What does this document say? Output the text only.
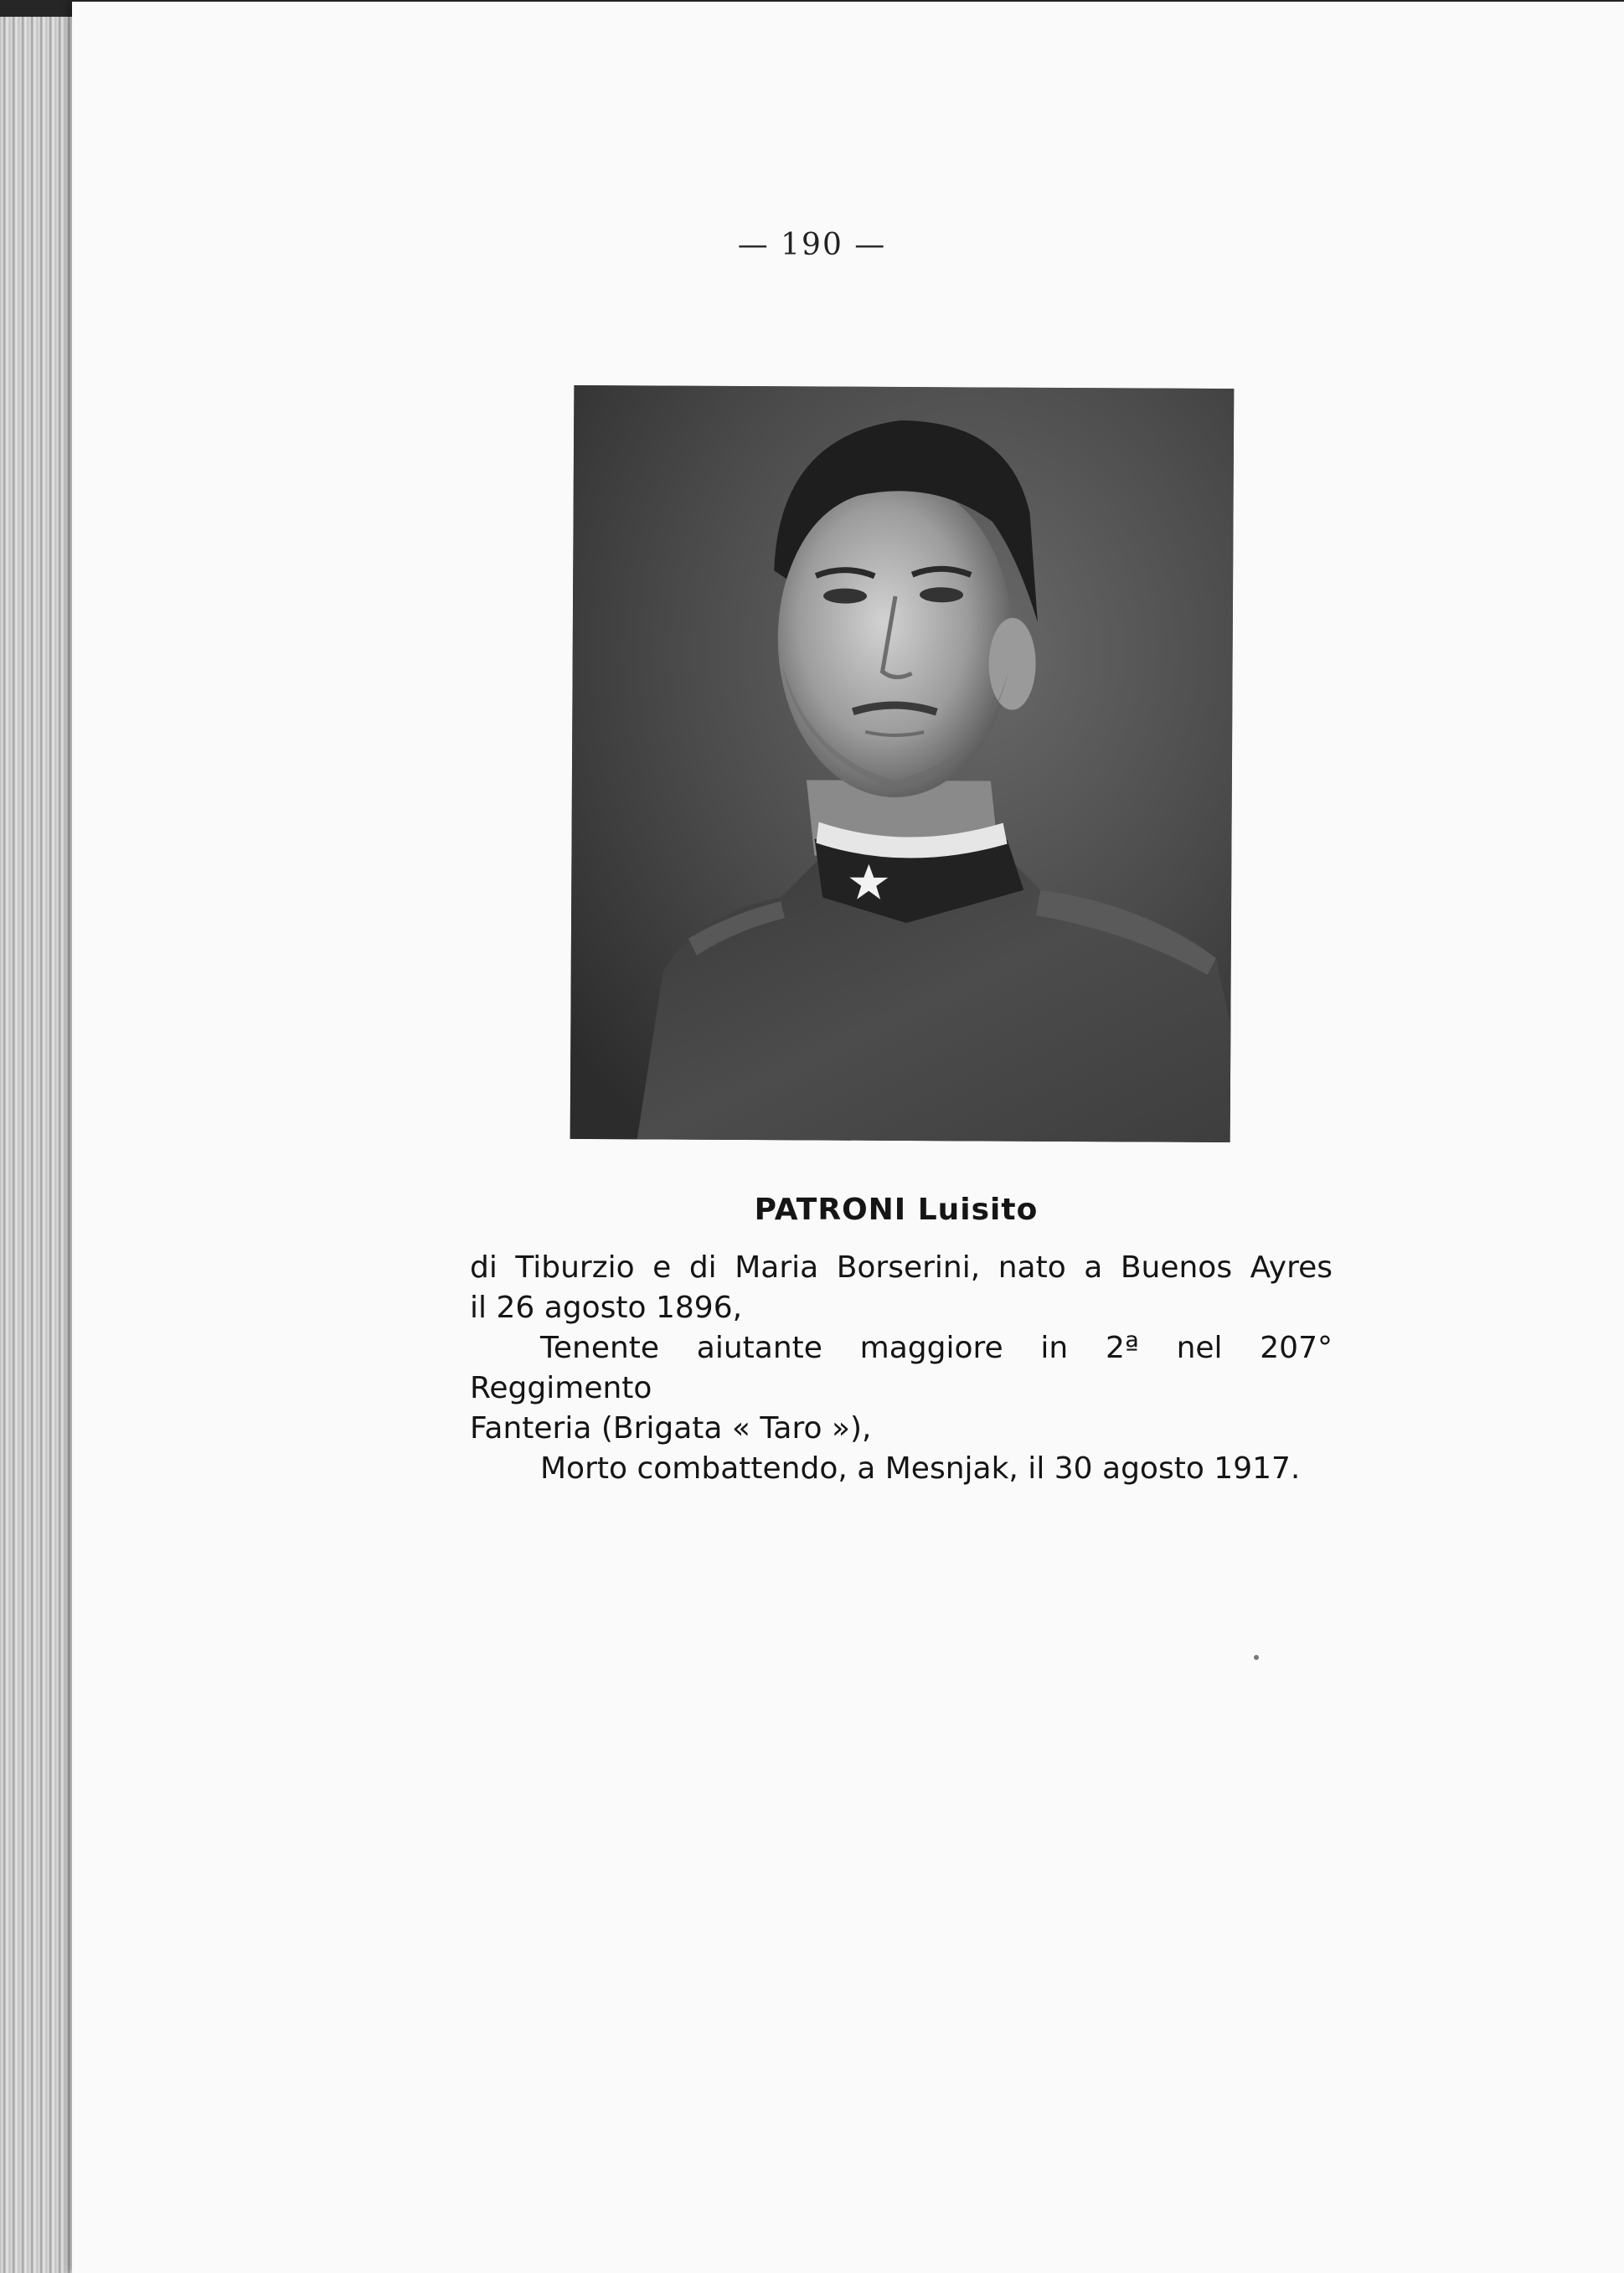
— 190 —
PATRONI Luisito

di Tiburzio e di Maria Borserini, nato a Buenos Ayres

il 26 agosto 1896,

Tenente aiutante maggiore in 2ª nel 207° Reggimento

Fanteria (Brigata « Taro »),

Morto combattendo, a Mesnjak, il 30 agosto 1917.
